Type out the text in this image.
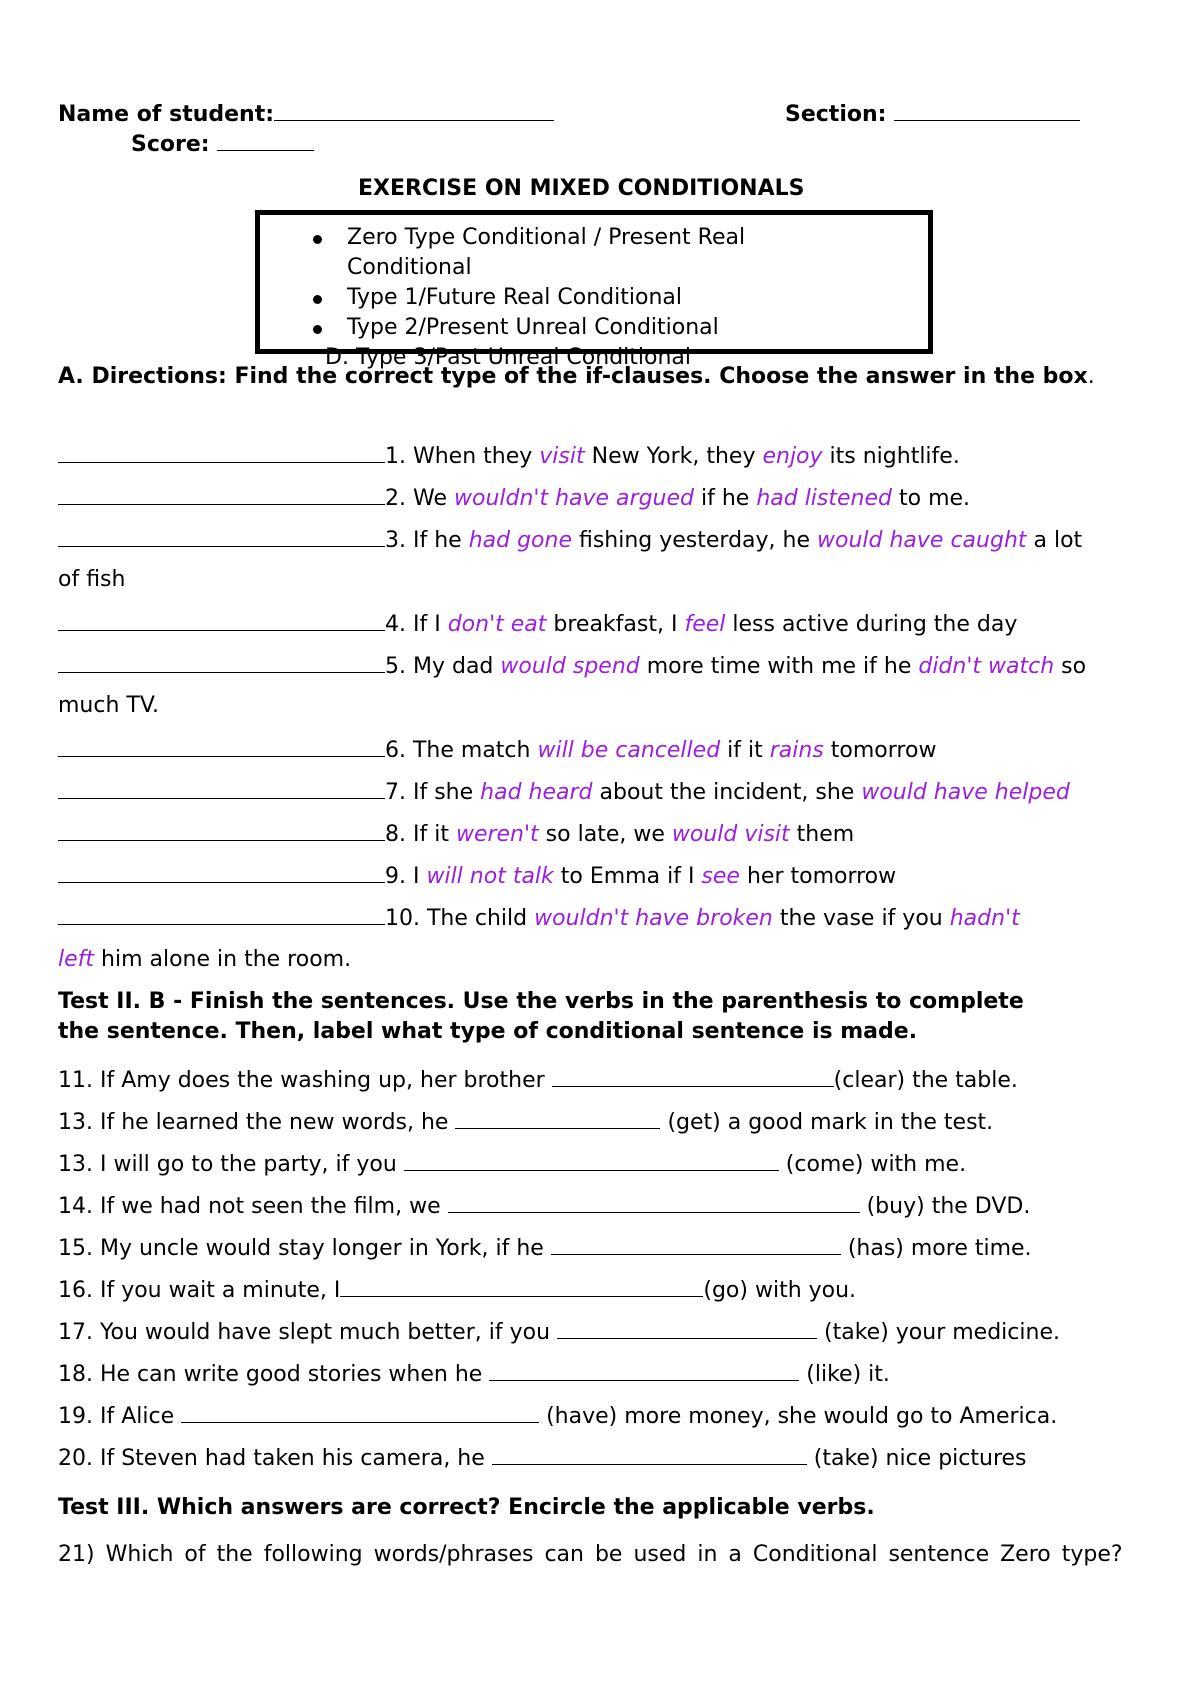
Name of student:	Section:
Score:
EXERCISE ON MIXED CONDITIONALS
Zero Type Conditional / Present Real
Conditional
Type 1/Future Real Conditional
Type 2/Present Unreal Conditional
D. Type 3/Past Unreal Conditional
A. Directions: Find the correct type of the if-clauses. Choose the answer in the box.
1. When they visit New York, they enjoy its nightlife.
2. We wouldn't have argued if he had listened to me.
3. If he had gone fishing yesterday, he would have caught a lot
of fish
4. If I don't eat breakfast, I feel less active during the day
5. My dad would spend more time with me if he didn't watch so
much TV.
6. The match will be cancelled if it rains tomorrow
7. If she had heard about the incident, she would have helped
8. If it weren't so late, we would visit them
9. I will not talk to Emma if I see her tomorrow
10. The child wouldn't have broken the vase if you hadn't
left him alone in the room.
Test II. B - Finish the sentences. Use the verbs in the parenthesis to complete
the sentence. Then, label what type of conditional sentence is made.
11. If Amy does the washing up, her brother	(clear) the table.
13. If he learned the new words, he	(get) a good mark in the test.
13. I will go to the party, if you	(come) with me.
14. If we had not seen the film, we	(buy) the DVD.
15. My uncle would stay longer in York, if he	(has) more time.
16. If you wait a minute, I	(go) with you.
17. You would have slept much better, if you	(take) your medicine.
18. He can write good stories when he	(like) it.
19. If Alice	(have) more money, she would go to America.
20. If Steven had taken his camera, he	(take) nice pictures
Test III. Which answers are correct? Encircle the applicable verbs.
21) Which of the following words/phrases can be used in a Conditional sentence Zero type?
